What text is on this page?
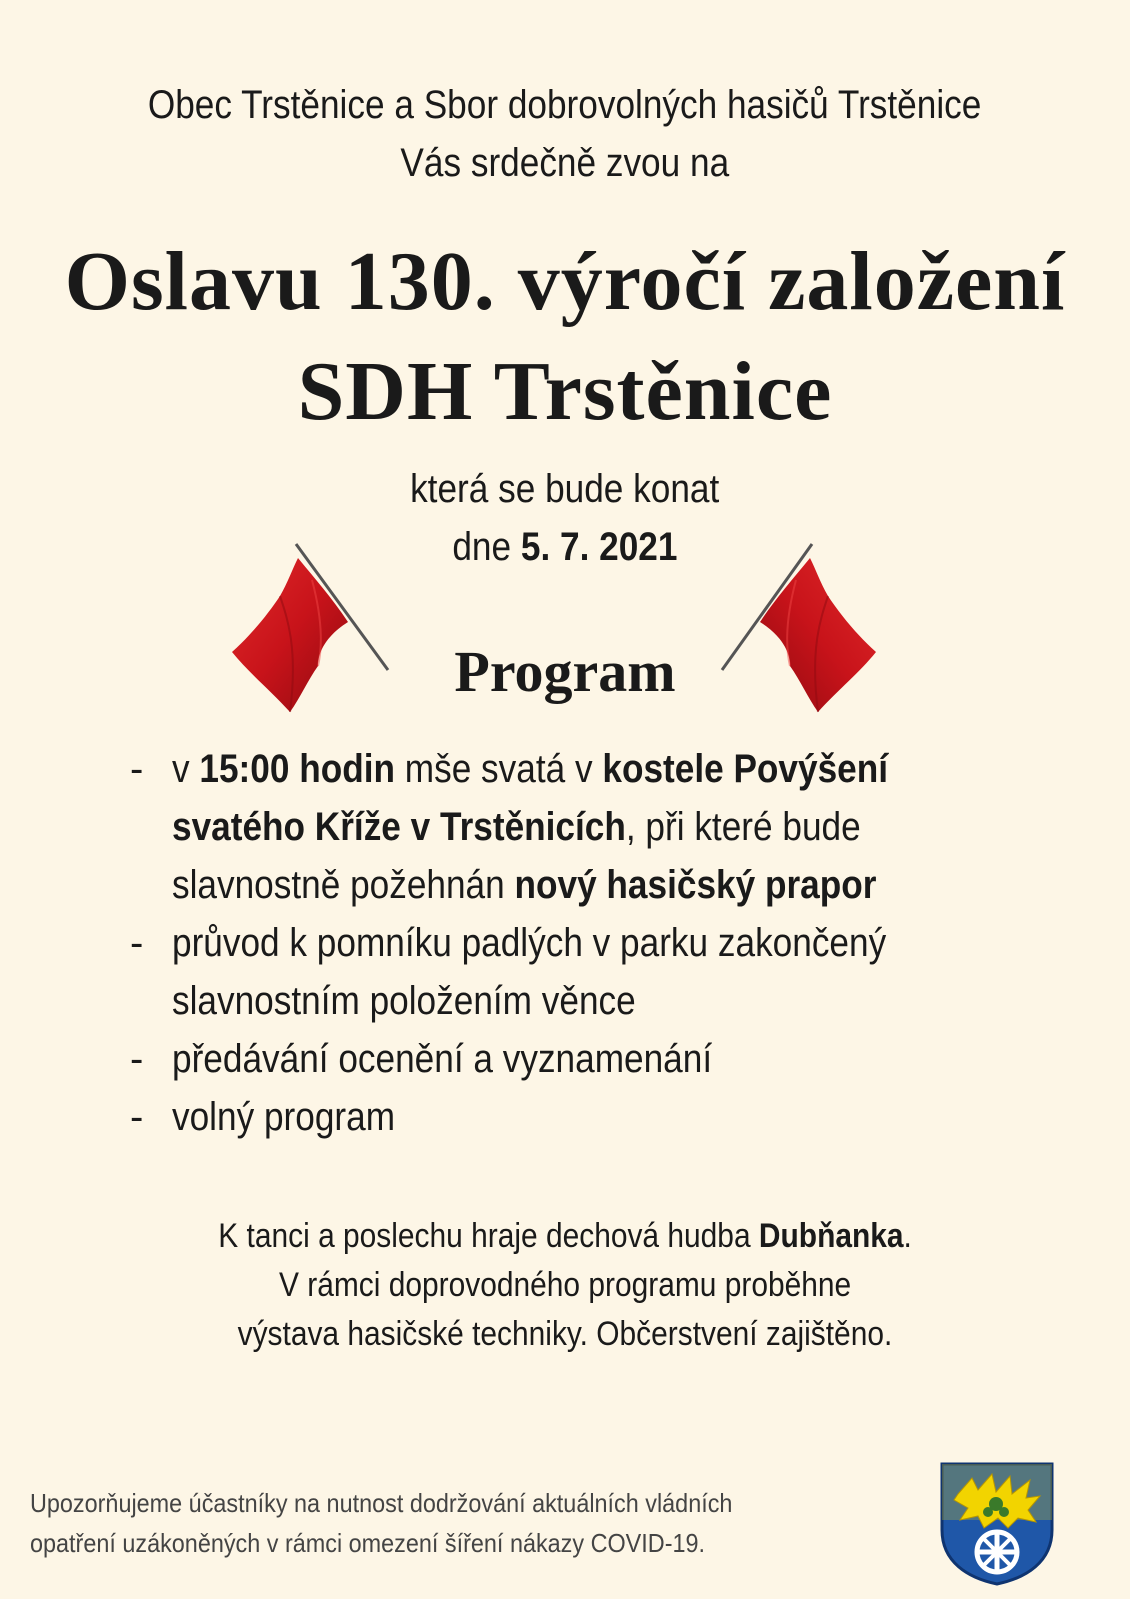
Obec Trstěnice a Sbor dobrovolných hasičů Trstěnice
Vás srdečně zvou na
Oslavu 130. výročí založení
SDH Trstěnice
která se bude konat
dne 5. 7. 2021
Program
- v 15:00 hodin mše svatá v kostele Povýšení
svatého Kříže v Trstěnicích, při které bude
slavnostně požehnán nový hasičský prapor
- průvod k pomníku padlých v parku zakončený
slavnostním položením věnce
- předávání ocenění a vyznamenání
- volný program
K tanci a poslechu hraje dechová hudba Dubňanka.
V rámci doprovodného programu proběhne
výstava hasičské techniky. Občerstvení zajištěno.
Upozorňujeme účastníky na nutnost dodržování aktuálních vládních
opatření uzákoněných v rámci omezení šíření nákazy COVID-19.
